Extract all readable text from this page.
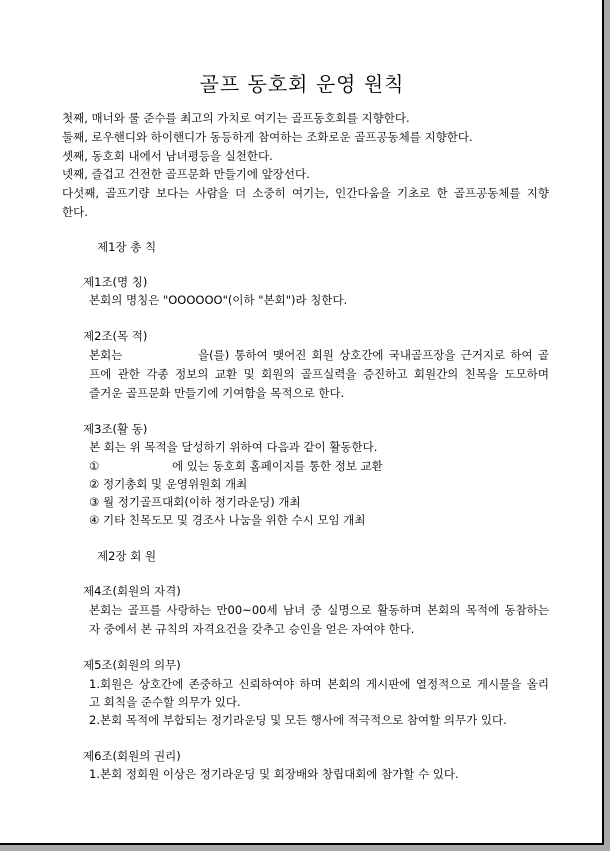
골프 동호회 운영 원칙
첫째, 매너와 룰 준수를 최고의 가치로 여기는 골프동호회를 지향한다.
둘째, 로우핸디와 하이핸디가 동등하게 참여하는 조화로운 골프공동체를 지향한다.
셋째, 동호회 내에서 남녀평등을 실천한다.
넷째, 즐겁고 건전한 골프문화 만들기에 앞장선다.
다섯째, 골프기량 보다는 사람을 더 소중히 여기는, 인간다움을 기초로 한 골프공동체를 지향
한다.
제1장 총 칙
제1조(명 칭)
본회의 명칭은 "OOOOOO"(이하 "본회")라 칭한다.
제2조(목 적)
본회는	을(를) 통하여 맺어진 회원 상호간에 국내골프장을 근거지로 하여 골
프에 관한 각종 정보의 교환 및 회원의 골프실력을 증진하고 회원간의 친목을 도모하며
즐거운 골프문화 만들기에 기여함을 목적으로 한다.
제3조(활 동)
본 회는 위 목적을 달성하기 위하여 다음과 같이 활동한다.
①	에 있는 동호회 홈페이지를 통한 정보 교환
② 정기총회 및 운영위원회 개최
③ 월 정기골프대회(이하 정기라운딩) 개최
④ 기타 친목도모 및 경조사 나눔을 위한 수시 모임 개최
제2장 회 원
제4조(회원의 자격)
본회는 골프를 사랑하는 만00~00세 남녀 중 실명으로 활동하며 본회의 목적에 동참하는
자 중에서 본 규칙의 자격요건을 갖추고 승인을 얻은 자여야 한다.
제5조(회원의 의무)
1.회원은 상호간에 존중하고 신뢰하여야 하며 본회의 게시판에 열정적으로 게시물을 올리
고 회칙을 준수할 의무가 있다.
2.본회 목적에 부합되는 정기라운딩 및 모든 행사에 적극적으로 참여할 의무가 있다.
제6조(회원의 권리)
1.본회 정회원 이상은 정기라운딩 및 회장배와 창립대회에 참가할 수 있다.
